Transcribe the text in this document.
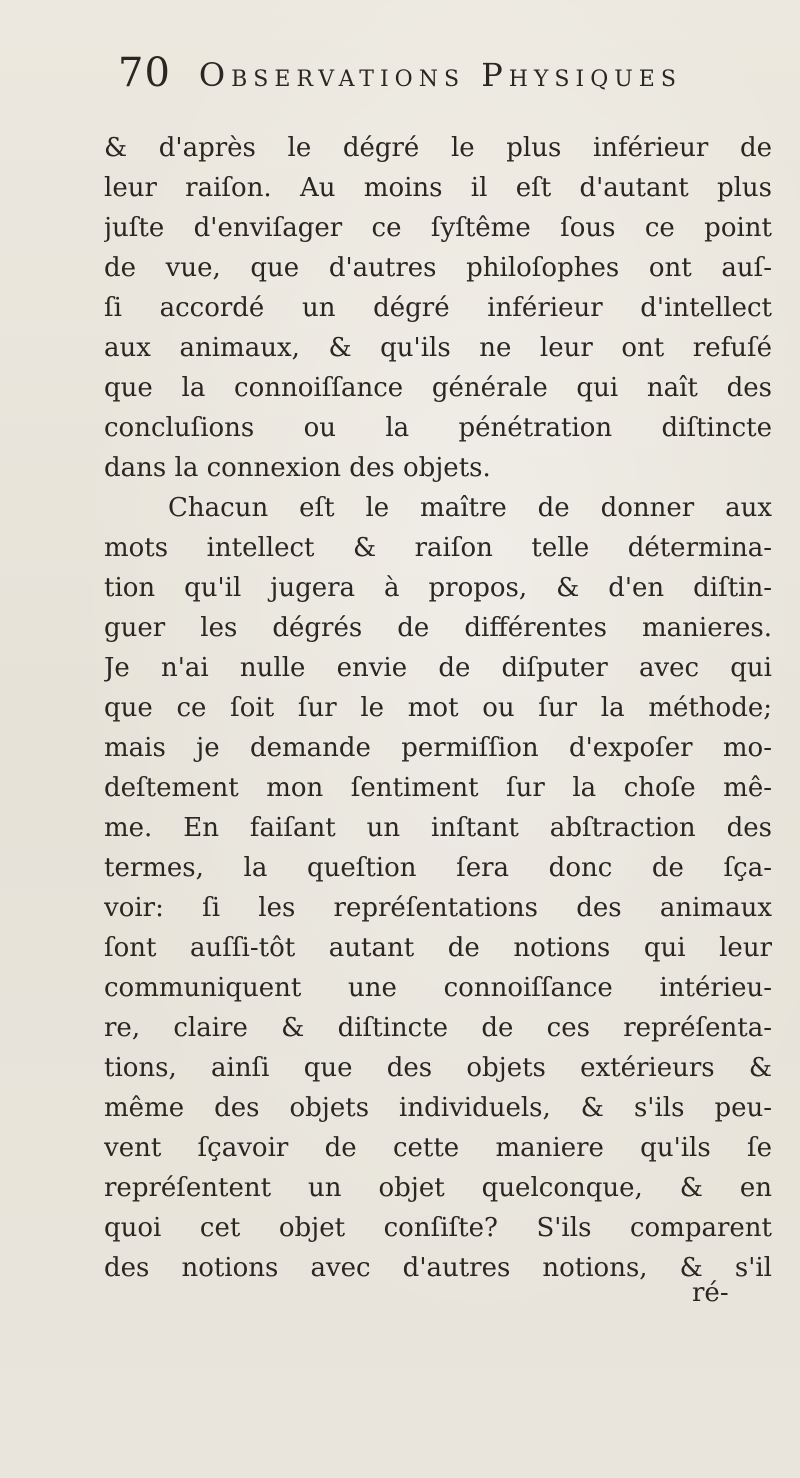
70 Observations Physiques
& d'après le dégré le plus inférieur de
leur raiſon. Au moins il eſt d'autant plus
juſte d'enviſager ce ſyſtême ſous ce point
de vue, que d'autres philoſophes ont auſ-
ſi accordé un dégré inférieur d'intellect
aux animaux, & qu'ils ne leur ont refuſé
que la connoiſſance générale qui naît des
concluſions ou la pénétration diſtincte
dans la connexion des objets.
Chacun eſt le maître de donner aux
mots intellect & raiſon telle détermina-
tion qu'il jugera à propos, & d'en diſtin-
guer les dégrés de différentes manieres.
Je n'ai nulle envie de diſputer avec qui
que ce ſoit ſur le mot ou ſur la méthode;
mais je demande permiſſion d'expoſer mo-
deſtement mon ſentiment ſur la choſe mê-
me. En faiſant un inſtant abſtraction des
termes, la queſtion ſera donc de ſça-
voir: ſi les repréſentations des animaux
ſont auſſi-tôt autant de notions qui leur
communiquent une connoiſſance intérieu-
re, claire & diſtincte de ces repréſenta-
tions, ainſi que des objets extérieurs &
même des objets individuels, & s'ils peu-
vent ſçavoir de cette maniere qu'ils ſe
repréſentent un objet quelconque, & en
quoi cet objet conſiſte? S'ils comparent
des notions avec d'autres notions, & s'il
ré-
